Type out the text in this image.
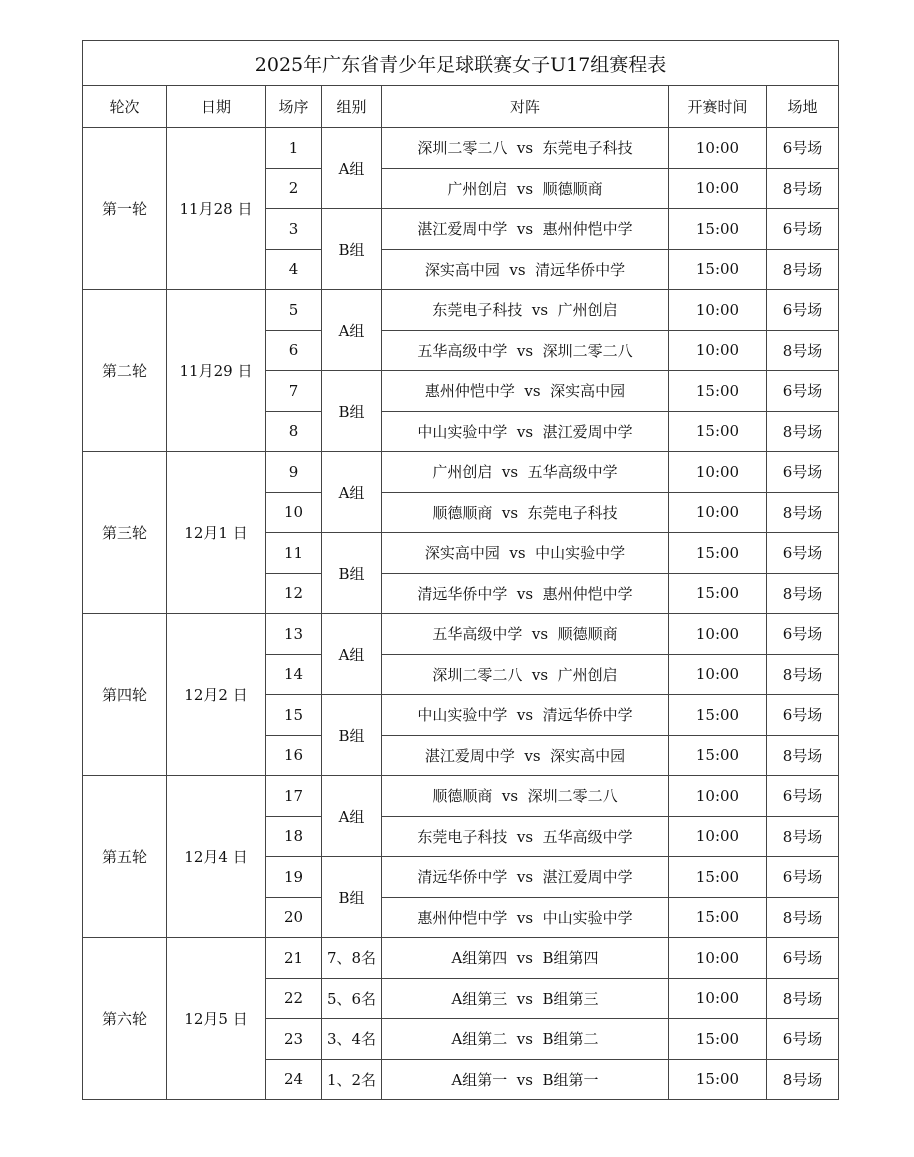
2025年广东省青少年足球联赛女子U17组赛程表						
轮次	日期	场序	组别	对阵	开赛时间	场地
第一轮	11月28 日	1	A组	深圳二零二八  vs  东莞电子科技	10:00	6号场
		2		广州创启  vs  顺德顺商	10:00	8号场
		3	B组	湛江爱周中学  vs  惠州仲恺中学	15:00	6号场
		4		深实高中园  vs  清远华侨中学	15:00	8号场
第二轮	11月29 日	5	A组	东莞电子科技  vs  广州创启	10:00	6号场
		6		五华高级中学  vs  深圳二零二八	10:00	8号场
		7	B组	惠州仲恺中学  vs  深实高中园	15:00	6号场
		8		中山实验中学  vs  湛江爱周中学	15:00	8号场
第三轮	12月1 日	9	A组	广州创启  vs  五华高级中学	10:00	6号场
		10		顺德顺商  vs  东莞电子科技	10:00	8号场
		11	B组	深实高中园  vs  中山实验中学	15:00	6号场
		12		清远华侨中学  vs  惠州仲恺中学	15:00	8号场
第四轮	12月2 日	13	A组	五华高级中学  vs  顺德顺商	10:00	6号场
		14		深圳二零二八  vs  广州创启	10:00	8号场
		15	B组	中山实验中学  vs  清远华侨中学	15:00	6号场
		16		湛江爱周中学  vs  深实高中园	15:00	8号场
第五轮	12月4 日	17	A组	顺德顺商  vs  深圳二零二八	10:00	6号场
		18		东莞电子科技  vs  五华高级中学	10:00	8号场
		19	B组	清远华侨中学  vs  湛江爱周中学	15:00	6号场
		20		惠州仲恺中学  vs  中山实验中学	15:00	8号场
第六轮	12月5 日	21	7、8名	A组第四  vs  B组第四	10:00	6号场
		22	5、6名	A组第三  vs  B组第三	10:00	8号场
		23	3、4名	A组第二  vs  B组第二	15:00	6号场
		24	1、2名	A组第一  vs  B组第一	15:00	8号场
